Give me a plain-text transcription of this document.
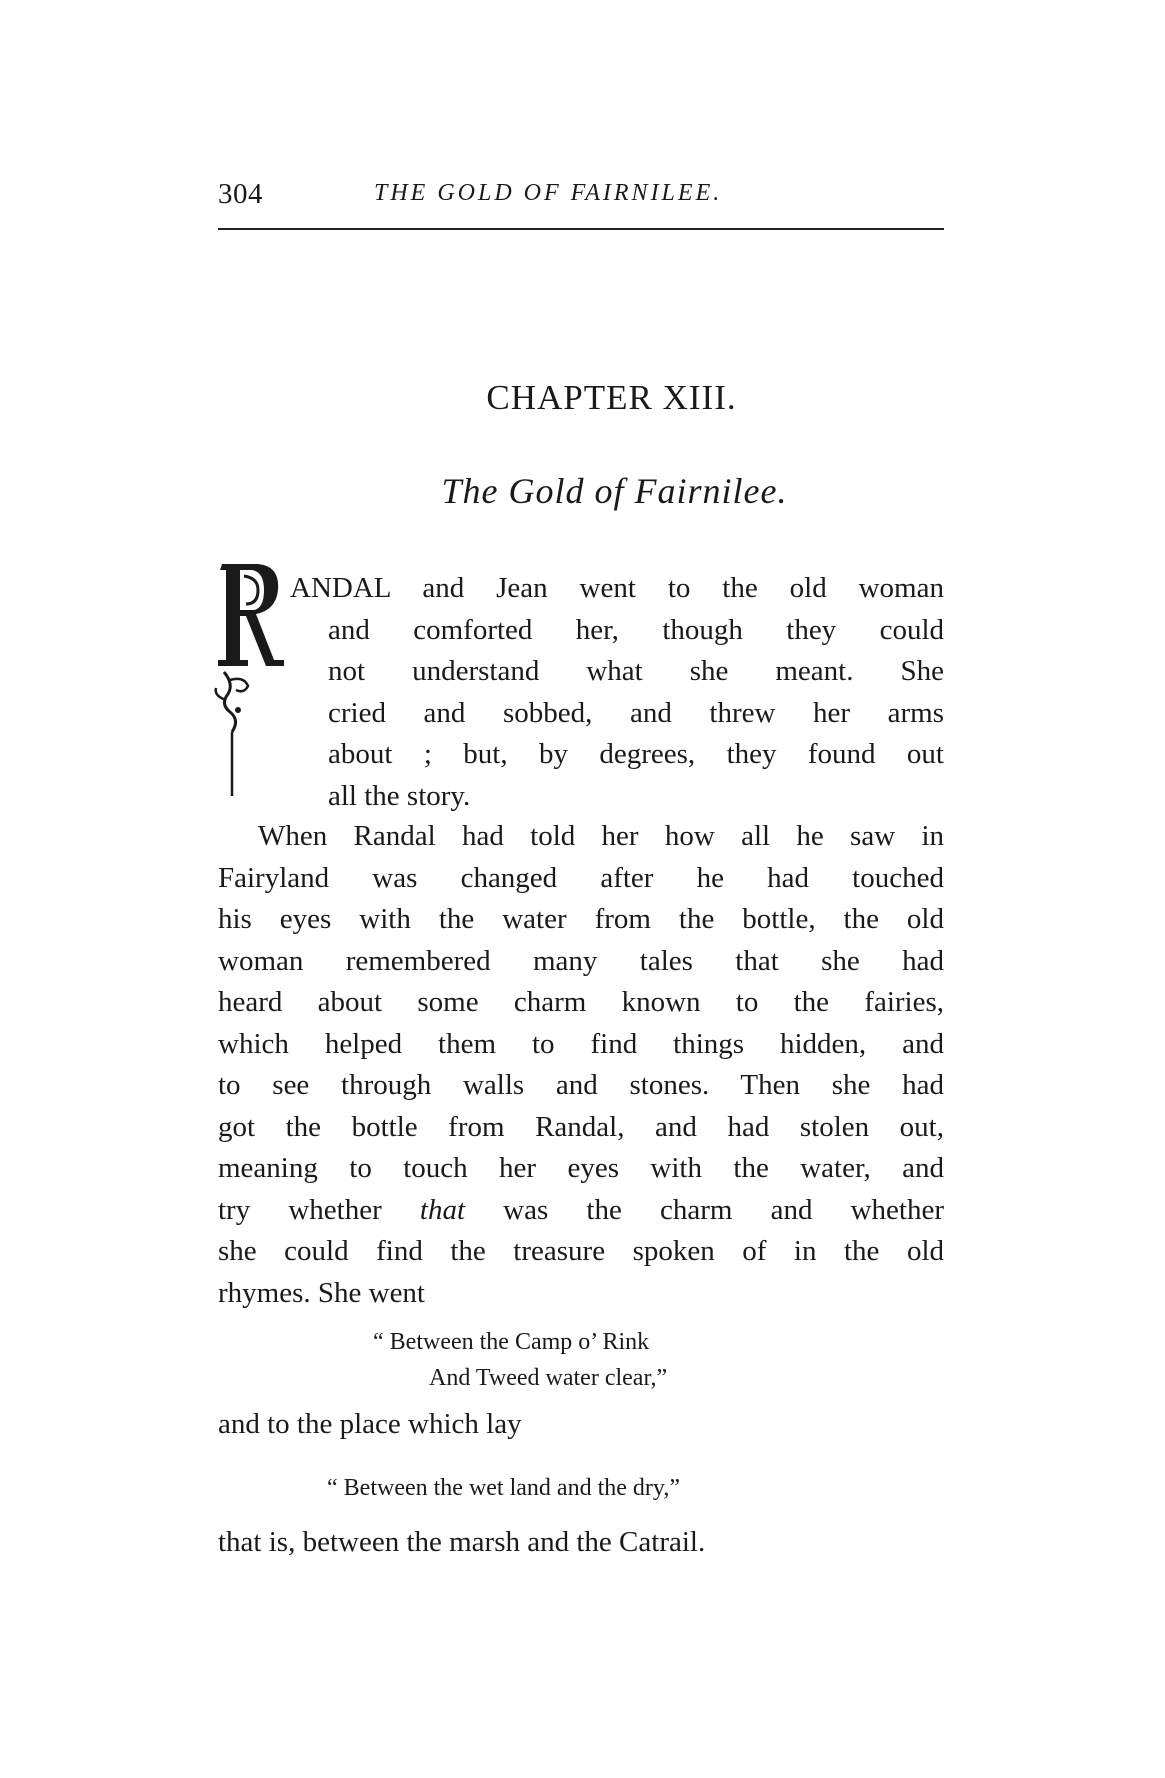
304	THE GOLD OF FAIRNILEE.
CHAPTER XIII.
The Gold of Fairnilee.
ANDAL and Jean went to the old woman
and comforted her, though they could
not understand what she meant. She
cried and sobbed, and threw her arms
about ; but, by degrees, they found out
all the story.
When Randal had told her how all he saw in
Fairyland was changed after he had touched
his eyes with the water from the bottle, the old
woman remembered many tales that she had
heard about some charm known to the fairies,
which helped them to find things hidden, and
to see through walls and stones. Then she had
got the bottle from Randal, and had stolen out,
meaning to touch her eyes with the water, and
try whether that was the charm and whether
she could find the treasure spoken of in the old
rhymes. She went
“ Between the Camp o’ Rink
And Tweed water clear,”
and to the place which lay
“ Between the wet land and the dry,”
that is, between the marsh and the Catrail.
